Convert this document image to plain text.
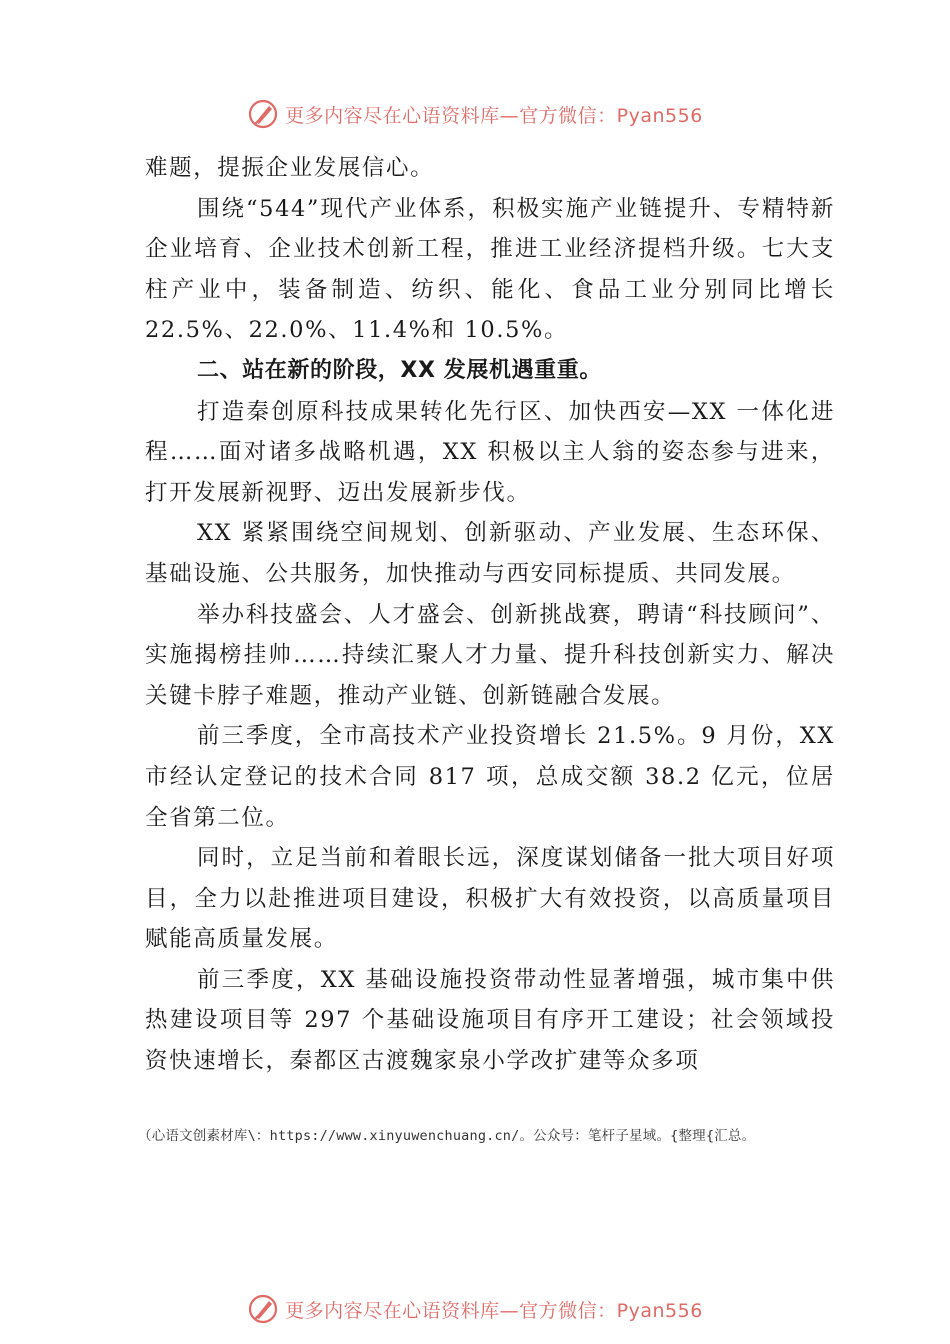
更多内容尽在心语资料库—官方微信：Pyan556

难题，提振企业发展信心。

围绕“544”现代产业体系，积极实施产业链提升、专精特新企业培育、企业技术创新工程，推进工业经济提档升级。七大支柱产业中，装备制造、纺织、能化、食品工业分别同比增长 22.5%、22.0%、11.4%和 10.5%。

二、站在新的阶段，XX 发展机遇重重。

打造秦创原科技成果转化先行区、加快西安—XX 一体化进程……面对诸多战略机遇，XX 积极以主人翁的姿态参与进来，打开发展新视野、迈出发展新步伐。

XX 紧紧围绕空间规划、创新驱动、产业发展、生态环保、基础设施、公共服务，加快推动与西安同标提质、共同发展。

举办科技盛会、人才盛会、创新挑战赛，聘请“科技顾问”、实施揭榜挂帅……持续汇聚人才力量、提升科技创新实力、解决关键卡脖子难题，推动产业链、创新链融合发展。

前三季度，全市高技术产业投资增长 21.5%。9 月份，XX 市经认定登记的技术合同 817 项，总成交额 38.2 亿元，位居全省第二位。

同时，立足当前和着眼长远，深度谋划储备一批大项目好项目，全力以赴推进项目建设，积极扩大有效投资，以高质量项目赋能高质量发展。

前三季度，XX 基础设施投资带动性显著增强，城市集中供热建设项目等 297 个基础设施项目有序开工建设；社会领域投资快速增长，秦都区古渡魏家泉小学改扩建等众多项

（心语文创素材库\：https://www.xinyuwenchuang.cn/。公众号：笔杆子星域。{整理{汇总。
更多内容尽在心语资料库—官方微信：Pyan556
